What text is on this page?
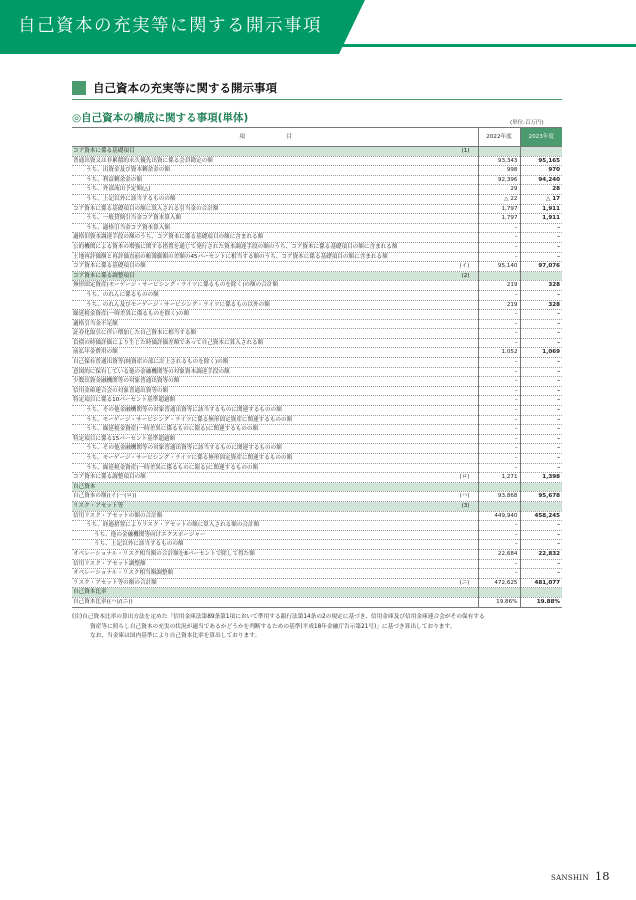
自己資本の充実等に関する開示事項
自己資本の充実等に関する開示事項
◎自己資本の構成に関する事項(単体)	(単位:百万円)
項　目	2022年度	2023年度

コア資本に係る基礎項目 (1)		

普通出資又は非累積的永久優先出資に係る会員勘定の額	93,343	95,165

うち、出資金及び資本剰余金の額	998	970

うち、利益剰余金の額	92,396	94,240

うち、外部流出予定額(△)	29	28

うち、上記以外に該当するものの額	△ 22	△ 17

コア資本に係る基礎項目の額に算入される引当金の合計額	1,797	1,911

うち、一般貸倒引当金コア資本算入額	1,797	1,911

うち、適格引当金コア資本算入額	–	–

適格旧資本調達手段の額のうち、コア資本に係る基礎項目の額に含まれる額	–	–

公的機関による資本の増強に関する措置を通じて発行された資本調達手段の額のうち、コア資本に係る基礎項目の額に含まれる額	–	–

土地再評価額と再評価直前の帳簿価額の差額の45パーセントに相当する額のうち、コア資本に係る基礎項目の額に含まれる額	–	–

コア資本に係る基礎項目の額 (イ)	95,140	97,076

コア資本に係る調整項目 (2)		

無形固定資産(モーゲージ・サービシング・ライツに係るものを除く)の額の合計額	219	328

うち、のれんに係るものの額	–	–

うち、のれん及びモーゲージ・サービシング・ライツに係るもの以外の額	219	328

繰延税金資産(一時差異に係るものを除く)の額	–	–

適格引当金不足額	–	–

証券化取引に伴い増加した自己資本に相当する額	–	–

負債の時価評価により生じた時価評価差額であって自己資本に算入される額	–	–

前払年金費用の額	1,052	1,069

自己保有普通出資等(純資産の部に計上されるものを除く)の額	–	–

意図的に保有している他の金融機関等の対象資本調達手段の額	–	–

少数出資金融機関等の対象普通出資等の額	–	–

信用金庫連合会の対象普通出資等の額	–	–

特定項目に係る10パーセント基準超過額	–	–

うち、その他金融機関等の対象普通出資等に該当するものに関連するものの額	–	–

うち、モーゲージ・サービシング・ライツに係る無形固定資産に関連するものの額	–	–

うち、繰延税金資産(一時差異に係るものに限る)に関連するものの額	–	–

特定項目に係る15パーセント基準超過額	–	–

うち、その他金融機関等の対象普通出資等に該当するものに関連するものの額	–	–

うち、モーゲージ・サービシング・ライツに係る無形固定資産に関連するものの額	–	–

うち、繰延税金資産(一時差異に係るものに限る)に関連するものの額	–	–

コア資本に係る調整項目の額 (ロ)	1,271	1,398

自己資本		

自己資本の額((イ)－(ロ)) (ハ)	93,868	95,678

リスク・アセット等 (3)		

信用リスク・アセットの額の合計額	449,940	458,245

うち、経過措置によりリスク・アセットの額に算入される額の合計額	–	–

うち、他の金融機関等向けエクスポージャー	–	–

うち、上記以外に該当するものの額	–	–

オペレーショナル・リスク相当額の合計額を8パーセントで除して得た額	22,684	22,832

信用リスク・アセット調整額	–	–

オペレーショナル・リスク相当額調整額	–	–

リスク・アセット等の額の合計額 (ニ)	472,625	481,077

自己資本比率		

自己資本比率((ハ)/(ニ))	19.86%	19.88%

(注)自己資本比率の算出方法を定めた「信用金庫法第89条第1項において準用する銀行法第14条の2の規定に基づき、信用金庫及び信用金庫連合会がその保有する

資産等に照らし自己資本の充実の状況が適当であるかどうかを判断するための基準(平成18年金融庁告示第21号)」に基づき算出しております。

なお、当金庫は国内基準により自己資本比率を算出しております。

SANSHIN 18
